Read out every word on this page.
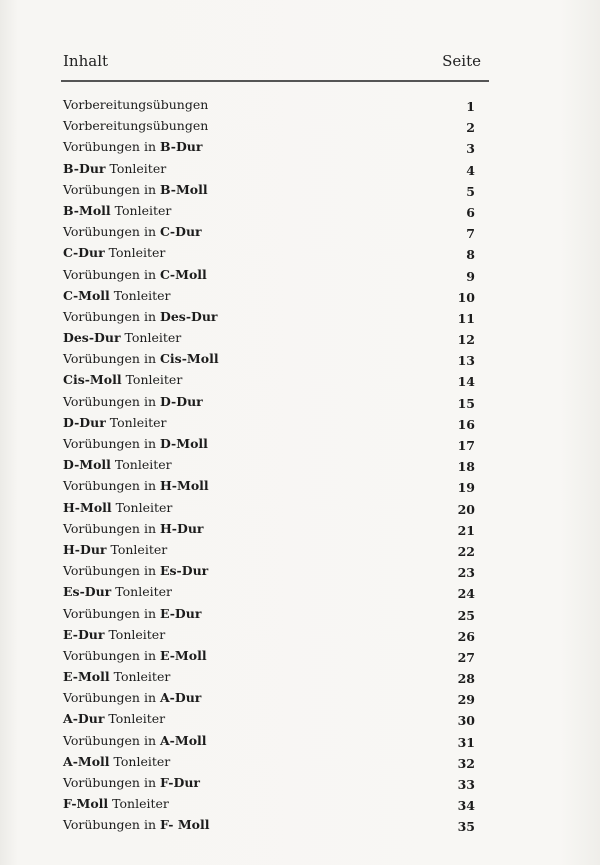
Inhalt	Seite
Vorbereitungsübungen	1
Vorbereitungsübungen	2
Vorübungen in B-Dur	3
B-Dur Tonleiter	4
Vorübungen in B-Moll	5
B-Moll Tonleiter	6
Vorübungen in C-Dur	7
C-Dur Tonleiter	8
Vorübungen in C-Moll	9
C-Moll Tonleiter	10
Vorübungen in Des-Dur	11
Des-Dur Tonleiter	12
Vorübungen in Cis-Moll	13
Cis-Moll Tonleiter	14
Vorübungen in D-Dur	15
D-Dur Tonleiter	16
Vorübungen in D-Moll	17
D-Moll Tonleiter	18
Vorübungen in H-Moll	19
H-Moll Tonleiter	20
Vorübungen in H-Dur	21
H-Dur Tonleiter	22
Vorübungen in Es-Dur	23
Es-Dur Tonleiter	24
Vorübungen in E-Dur	25
E-Dur Tonleiter	26
Vorübungen in E-Moll	27
E-Moll Tonleiter	28
Vorübungen in A-Dur	29
A-Dur Tonleiter	30
Vorübungen in A-Moll	31
A-Moll Tonleiter	32
Vorübungen in F-Dur	33
F-Moll Tonleiter	34
Vorübungen in F- Moll	35
